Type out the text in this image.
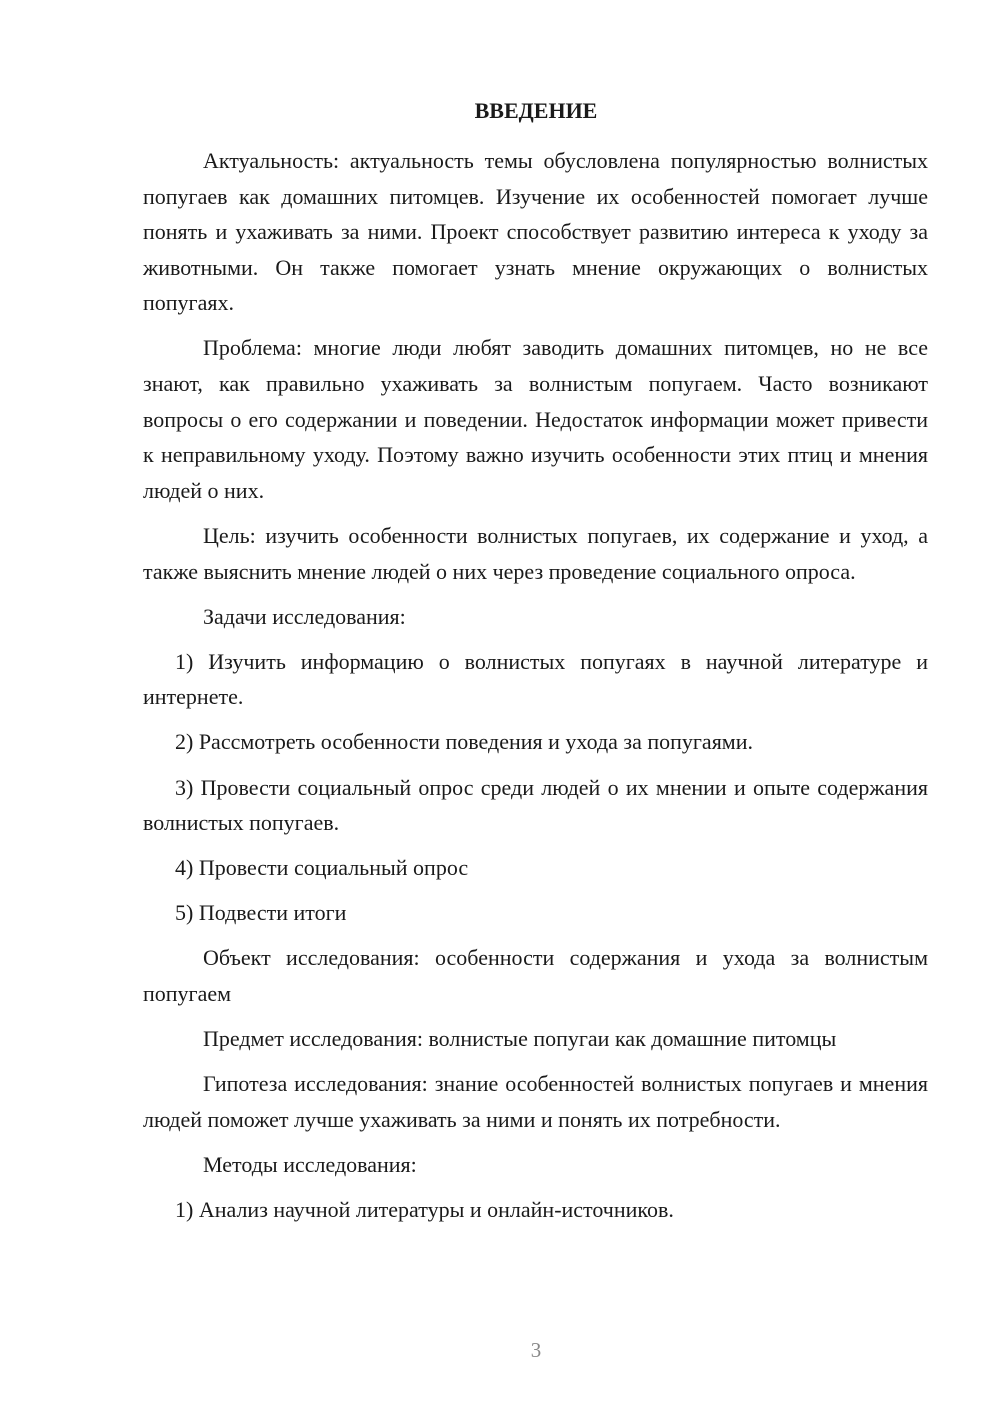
ВВЕДЕНИЕ

Актуальность: актуальность темы обусловлена популярностью волнистых попугаев как домашних питомцев. Изучение их особенностей помогает лучше понять и ухаживать за ними. Проект способствует развитию интереса к уходу за животными. Он также помогает узнать мнение окружающих о волнистых попугаях.

Проблема: многие люди любят заводить домашних питомцев, но не все знают, как правильно ухаживать за волнистым попугаем. Часто возникают вопросы о его содержании и поведении. Недостаток информации может привести к неправильному уходу. Поэтому важно изучить особенности этих птиц и мнения людей о них.

Цель: изучить особенности волнистых попугаев, их содержание и уход, а также выяснить мнение людей о них через проведение социального опроса.

Задачи исследования:

1) Изучить информацию о волнистых попугаях в научной литературе и интернете.

2) Рассмотреть особенности поведения и ухода за попугаями.

3) Провести социальный опрос среди людей о их мнении и опыте содержания волнистых попугаев.

4) Провести социальный опрос

5) Подвести итоги

Объект исследования: особенности содержания и ухода за волнистым попугаем

Предмет исследования: волнистые попугаи как домашние питомцы

Гипотеза исследования: знание особенностей волнистых попугаев и мнения людей поможет лучше ухаживать за ними и понять их потребности.

Методы исследования:

1) Анализ научной литературы и онлайн-источников.

3
